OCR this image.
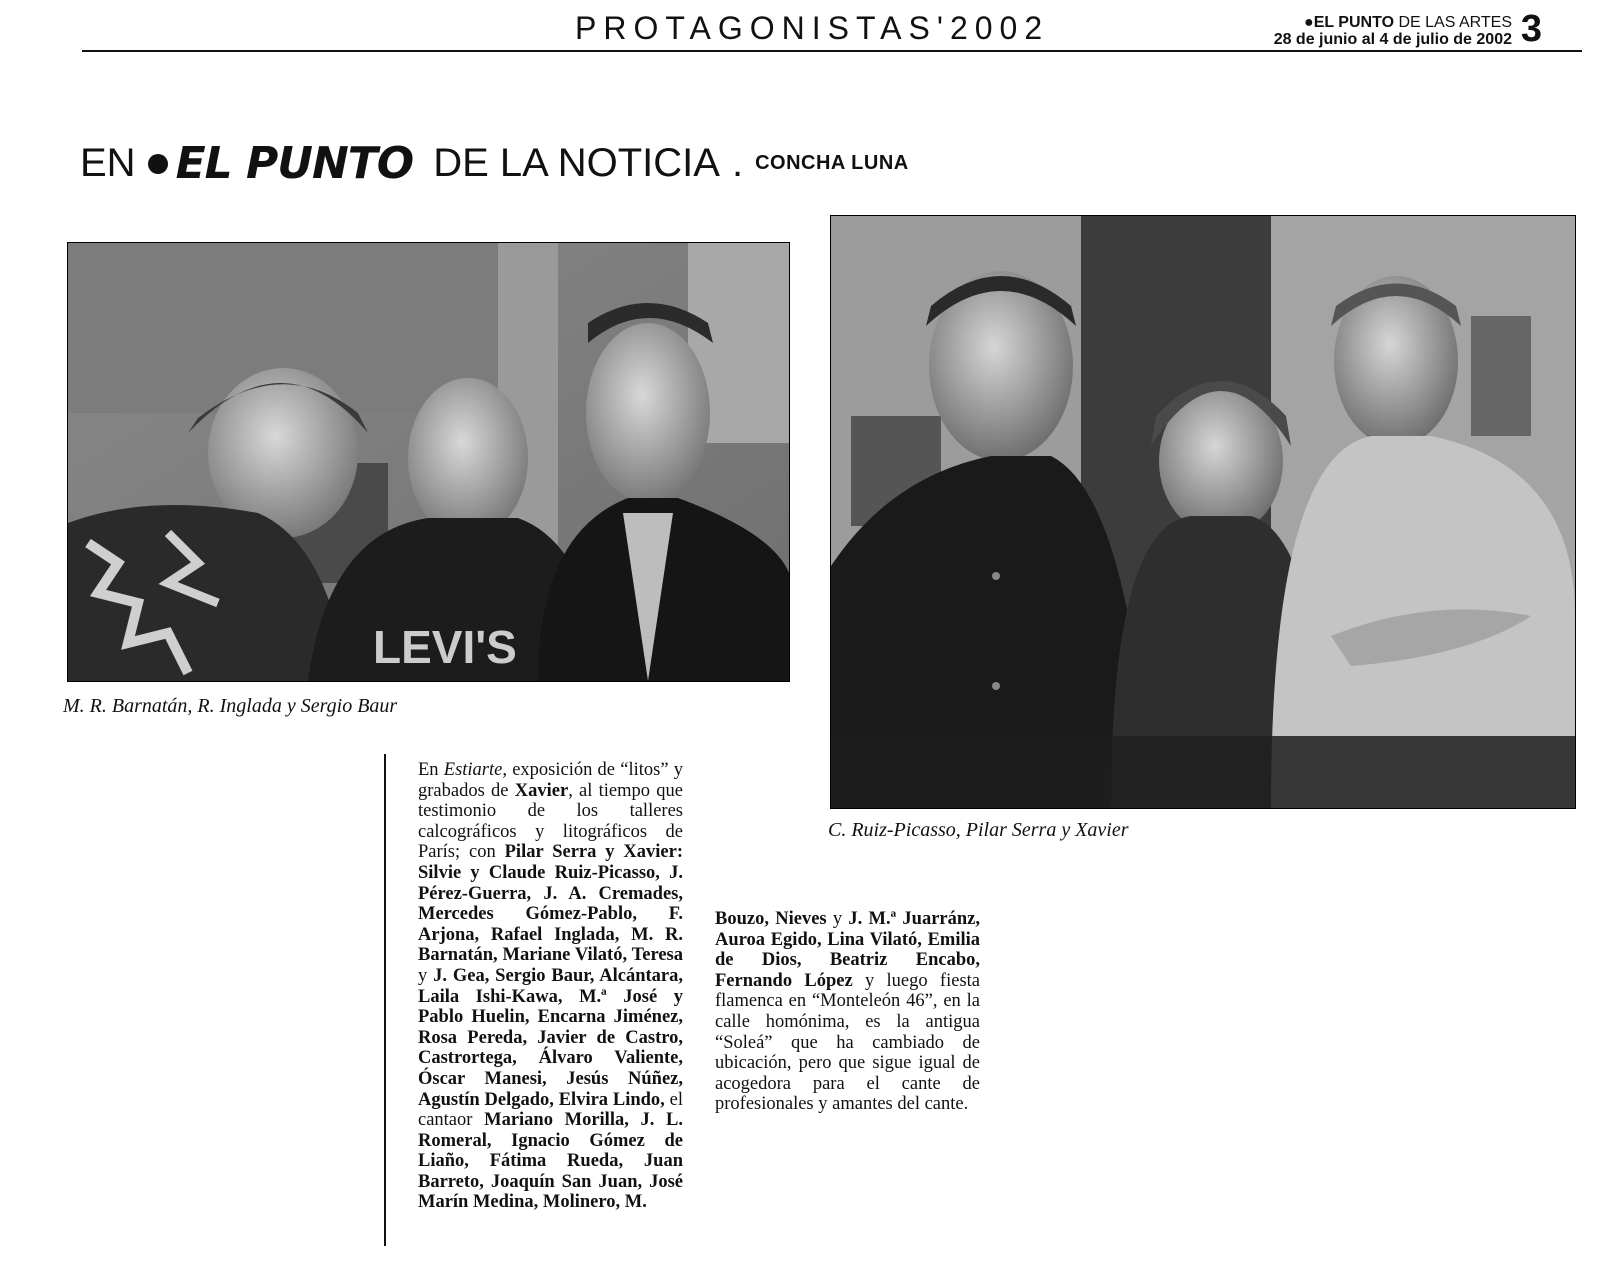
PROTAGONISTAS'2002	●EL PUNTO DE LAS ARTES
28 de junio al 4 de julio de 2002 3
EN EL PUNTO DE LA NOTICIA . CONCHA LUNA
LEVI'S
M. R. Barnatán, R. Inglada y Sergio Baur
C. Ruiz-Picasso, Pilar Serra y Xavier

En Estiarte, exposición de “litos” y grabados de Xavier, al tiempo que testimonio de los talleres calcográficos y litográficos de París; con Pilar Serra y Xavier: Silvie y Claude Ruiz-Picasso, J. Pérez-Guerra, J. A. Cremades, Mercedes Gómez-Pablo, F. Arjona, Rafael Inglada, M. R. Barnatán, Mariane Vilató, Teresa y J. Gea, Sergio Baur, Alcántara, Laila Ishi-Kawa, M.ª José y Pablo Huelin, Encarna Jiménez, Rosa Pereda, Javier de Castro, Castrortega, Álvaro Valiente, Óscar Manesi, Jesús Núñez, Agustín Delgado, Elvira Lindo, el cantaor Mariano Morilla, J. L. Romeral, Ignacio Gómez de Liaño, Fátima Rueda, Juan Barreto, Joaquín San Juan, José Marín Medina, Molinero, M.

Bouzo, Nieves y J. M.ª Juarránz, Auroa Egido, Lina Vilató, Emilia de Dios, Beatriz Encabo, Fernando López y luego fiesta flamenca en “Monteleón 46”, en la calle homónima, es la antigua “Soleá” que ha cambiado de ubicación, pero que sigue igual de acogedora para el cante de profesionales y amantes del cante.
